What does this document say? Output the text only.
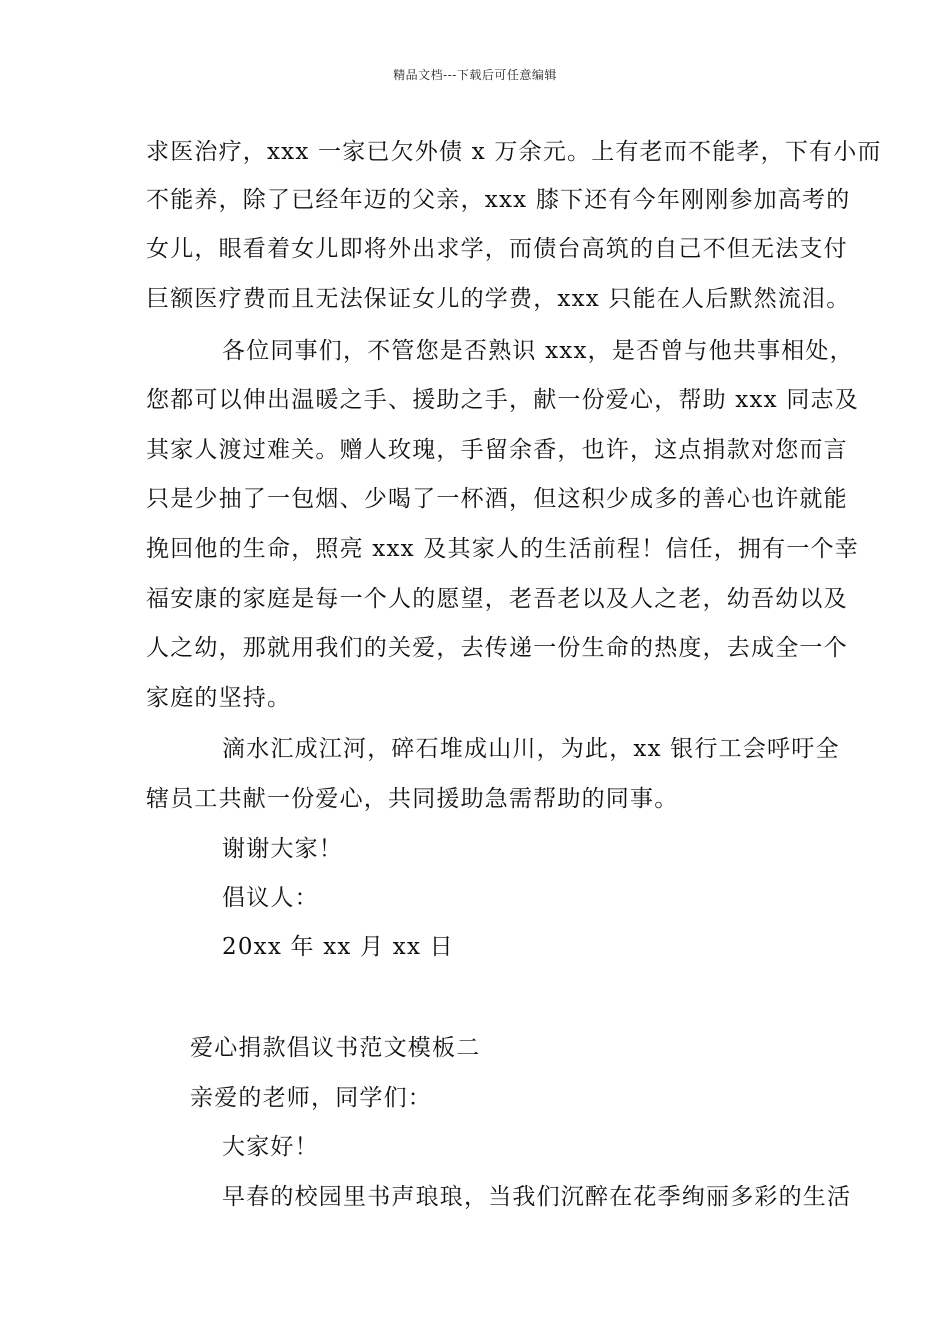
精品文档---下载后可任意编辑
求医治疗，xxx 一家已欠外债 x 万余元。上有老而不能孝，下有小而
不能养，除了已经年迈的父亲，xxx 膝下还有今年刚刚参加高考的
女儿，眼看着女儿即将外出求学，而债台高筑的自己不但无法支付
巨额医疗费而且无法保证女儿的学费，xxx 只能在人后默然流泪。
各位同事们，不管您是否熟识 xxx，是否曾与他共事相处，
您都可以伸出温暖之手、援助之手，献一份爱心，帮助 xxx 同志及
其家人渡过难关。赠人玫瑰，手留余香，也许，这点捐款对您而言
只是少抽了一包烟、少喝了一杯酒，但这积少成多的善心也许就能
挽回他的生命，照亮 xxx 及其家人的生活前程！信任，拥有一个幸
福安康的家庭是每一个人的愿望，老吾老以及人之老，幼吾幼以及
人之幼，那就用我们的关爱，去传递一份生命的热度，去成全一个
家庭的坚持。
滴水汇成江河，碎石堆成山川，为此，xx 银行工会呼吁全
辖员工共献一份爱心，共同援助急需帮助的同事。
谢谢大家！
倡议人：
20xx 年 xx 月 xx 日
爱心捐款倡议书范文模板二
亲爱的老师，同学们：
大家好！
早春的校园里书声琅琅，当我们沉醉在花季绚丽多彩的生活
